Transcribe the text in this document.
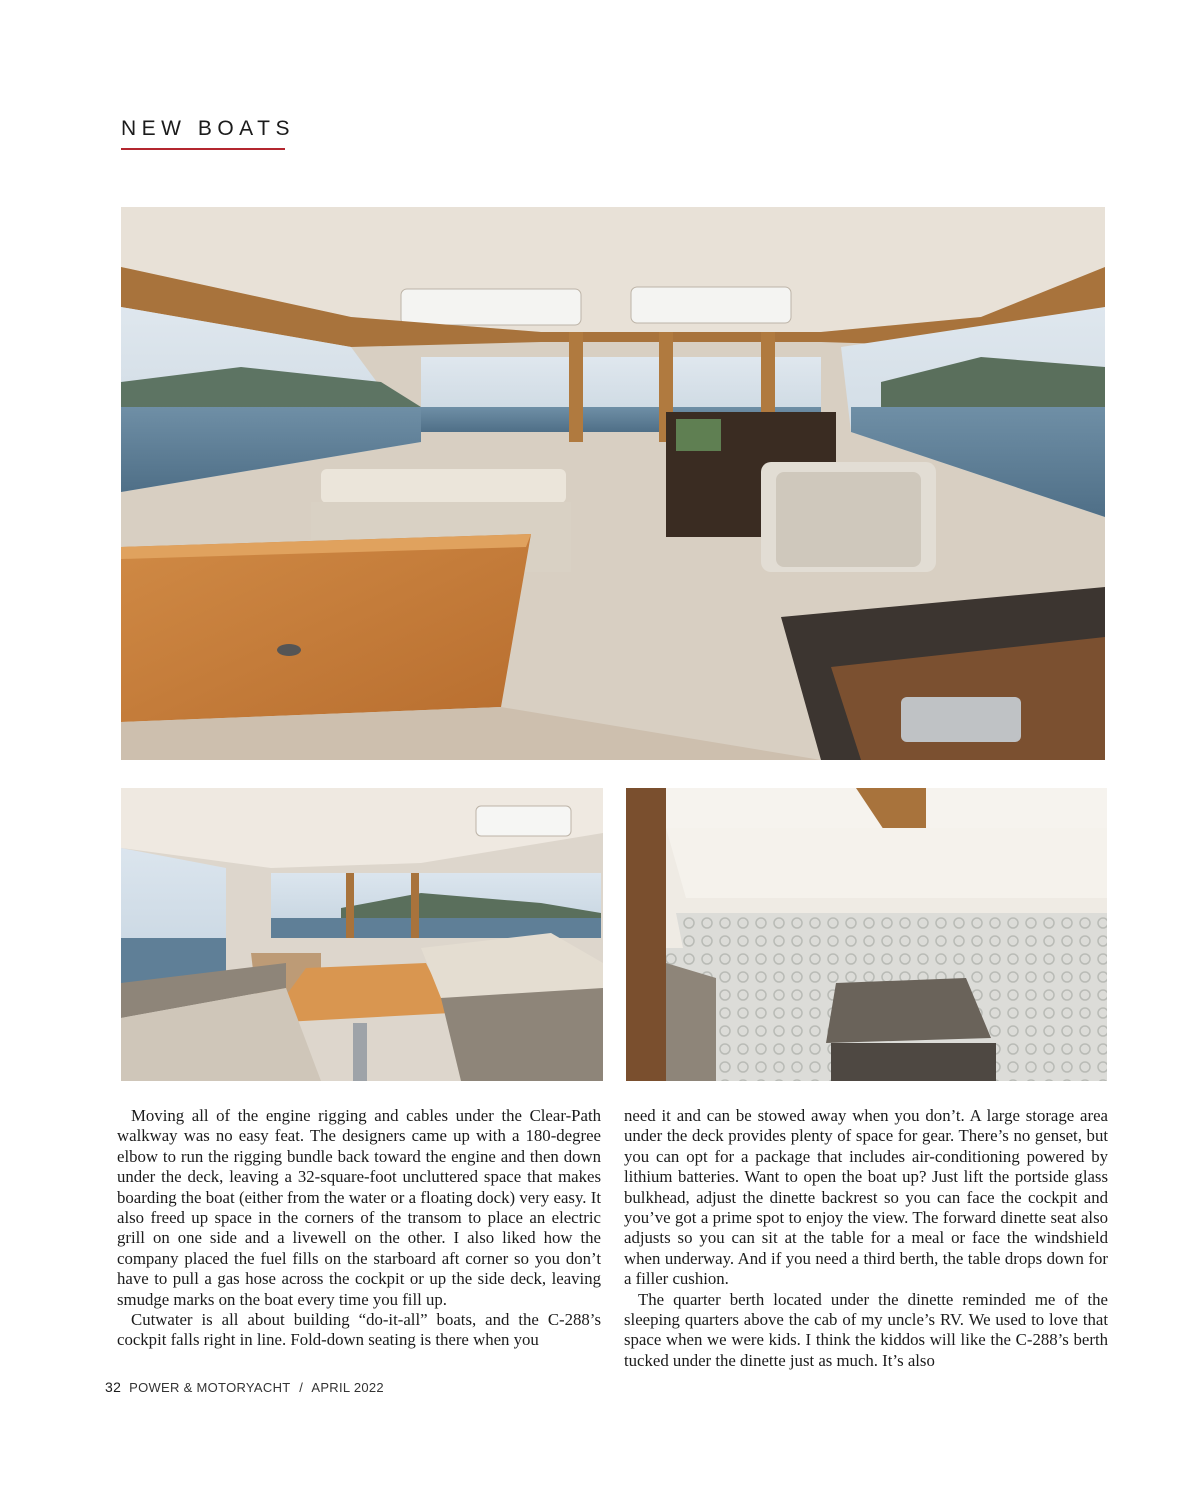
NEW BOATS

Moving all of the engine rigging and cables under the Clear-Path walkway was no easy feat. The designers came up with a 180-degree elbow to run the rigging bundle back toward the engine and then down under the deck, leaving a 32-square-foot uncluttered space that makes boarding the boat (either from the water or a floating dock) very easy. It also freed up space in the corners of the transom to place an electric grill on one side and a livewell on the other. I also liked how the company placed the fuel fills on the starboard aft corner so you don’t have to pull a gas hose across the cockpit or up the side deck, leaving smudge marks on the boat every time you fill up.

Cutwater is all about building “do-it-all” boats, and the C-288’s cockpit falls right in line. Fold-down seating is there when you

need it and can be stowed away when you don’t. A large storage area under the deck provides plenty of space for gear. There’s no genset, but you can opt for a package that includes air-conditioning powered by lithium batteries. Want to open the boat up? Just lift the portside glass bulkhead, adjust the dinette backrest so you can face the cockpit and you’ve got a prime spot to enjoy the view. The forward dinette seat also adjusts so you can sit at the table for a meal or face the windshield when underway. And if you need a third berth, the table drops down for a filler cushion.

The quarter berth located under the dinette reminded me of the sleeping quarters above the cab of my uncle’s RV. We used to love that space when we were kids. I think the kiddos will like the C-288’s berth tucked under the dinette just as much. It’s also

32 POWER & MOTORYACHT / APRIL 2022
